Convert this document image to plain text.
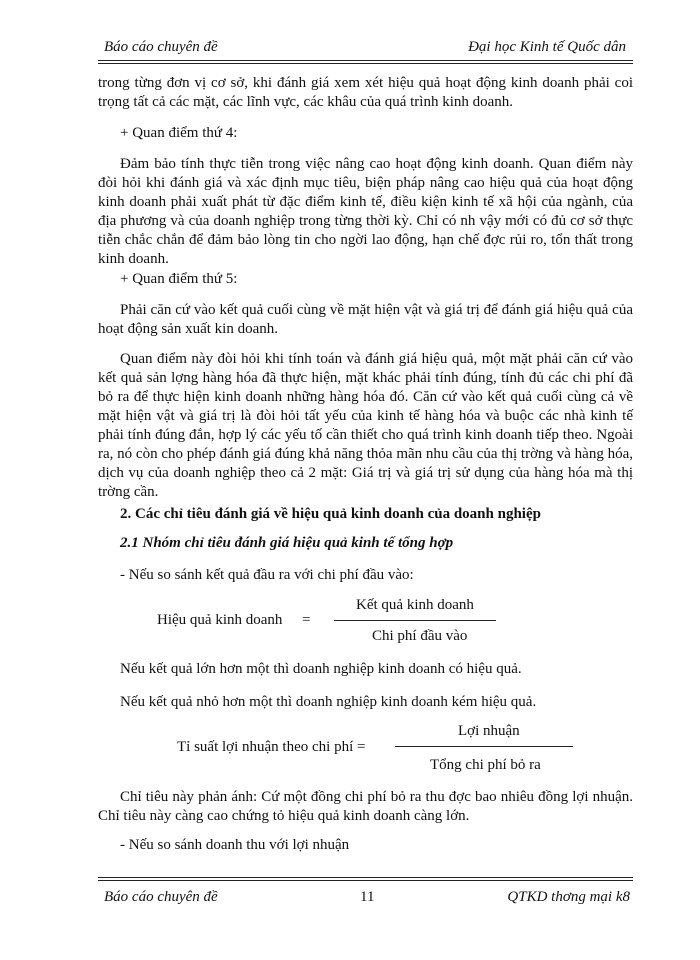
Báo cáo chuyên đề	Đại học Kinh tế Quốc dân

trong từng đơn vị cơ sở, khi đánh giá xem xét hiệu quả hoạt động kinh doanh phải coi trọng tất cả các mặt, các lĩnh vực, các khâu của quá trình kinh doanh.

+ Quan điểm thứ 4:

Đảm bảo tính thực tiễn trong việc nâng cao hoạt động kinh doanh. Quan điểm này đòi hỏi khi đánh giá và xác định mục tiêu, biện pháp nâng cao hiệu quả của hoạt động kinh doanh phải xuất phát từ đặc điểm kinh tế, điều kiện kinh tế xã hội của ngành, của địa phương và của doanh nghiệp trong từng thời kỳ. Chỉ có nh vậy mới có đủ cơ sở thực tiễn chắc chắn để đảm bảo lòng tin cho ngời lao động, hạn chế đợc rủi ro, tổn thất trong kinh doanh.

+ Quan điểm thứ 5:

Phải căn cứ vào kết quả cuối cùng về mặt hiện vật và giá trị để đánh giá hiệu quả của hoạt động sản xuất kin doanh.

Quan điểm này đòi hỏi khi tính toán và đánh giá hiệu quả, một mặt phải căn cứ vào kết quả sản lợng hàng hóa đã thực hiện, mặt khác phải tính đúng, tính đủ các chi phí đã bỏ ra để thực hiện kinh doanh những hàng hóa đó. Căn cứ vào kết quả cuối cùng cả về mặt hiện vật và giá trị là đòi hỏi tất yếu của kinh tế hàng hóa và buộc các nhà kinh tế phải tính đúng đắn, hợp lý các yếu tố cần thiết cho quá trình kinh doanh tiếp theo. Ngoài ra, nó còn cho phép đánh giá đúng khả năng thỏa mãn nhu cầu của thị trờng và hàng hóa, dịch vụ của doanh nghiệp theo cả 2 mặt: Giá trị và giá trị sử dụng của hàng hóa mà thị trờng cần.

2. Các chỉ tiêu đánh giá về hiệu quả kinh doanh của doanh nghiệp
2.1 Nhóm chỉ tiêu đánh giá hiệu quả kinh tế tổng hợp
- Nếu so sánh kết quả đầu ra với chi phí đầu vào:
Hiệu quả kinh doanh =
Kết quả kinh doanh
Chi phí đầu vào
Nếu kết quả lớn hơn một thì doanh nghiệp kinh doanh có hiệu quả.
Nếu kết quả nhỏ hơn một thì doanh nghiệp kinh doanh kém hiệu quả.
Tỉ suất lợi nhuận theo chi phí =
Lợi nhuận
Tổng chi phí bỏ ra

Chỉ tiêu này phản ánh: Cứ một đồng chi phí bỏ ra thu đợc bao nhiêu đồng lợi nhuận. Chỉ tiêu này càng cao chứng tỏ hiệu quả kinh doanh càng lớn.

- Nếu so sánh doanh thu với lợi nhuận
Báo cáo chuyên đề	11	QTKD thơng mại k8
